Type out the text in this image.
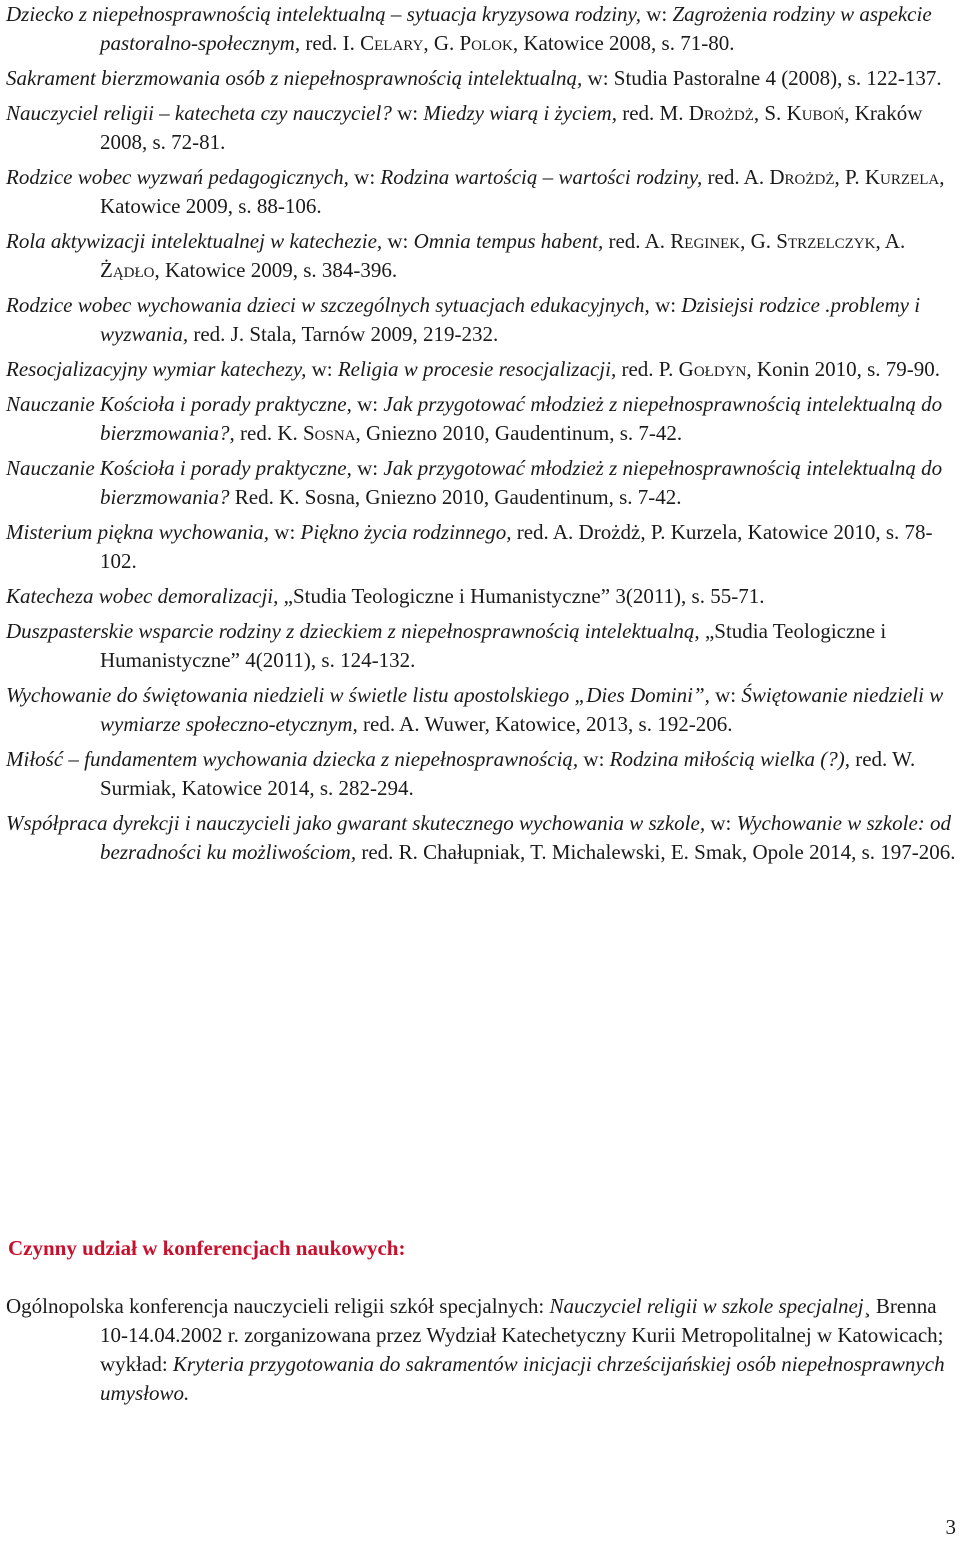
Dziecko z niepełnosprawnością intelektualną – sytuacja kryzysowa rodziny, w: Zagrożenia rodziny w aspekcie pastoralno-społecznym, red. I. Celary, G. Polok, Katowice 2008, s. 71-80.

Sakrament bierzmowania osób z niepełnosprawnością intelektualną, w: Studia Pastoralne 4 (2008), s. 122-137.

Nauczyciel religii – katecheta czy nauczyciel? w: Miedzy wiarą i życiem, red. M. Drożdż, S. Kuboń, Kraków 2008, s. 72-81.

Rodzice wobec wyzwań pedagogicznych, w: Rodzina wartością – wartości rodziny, red. A. Drożdż, P. Kurzela, Katowice 2009, s. 88-106.

Rola aktywizacji intelektualnej w katechezie, w: Omnia tempus habent, red. A. Reginek, G. Strzelczyk, A. Żądło, Katowice 2009, s. 384-396.

Rodzice wobec wychowania dzieci w szczególnych sytuacjach edukacyjnych, w: Dzisiejsi rodzice .problemy i wyzwania, red. J. Stala, Tarnów 2009, 219-232.

Resocjalizacyjny wymiar katechezy, w: Religia w procesie resocjalizacji, red. P. Gołdyn, Konin 2010, s. 79-90.

Nauczanie Kościoła i porady praktyczne, w: Jak przygotować młodzież z niepełnosprawnością intelektualną do bierzmowania?, red. K. Sosna, Gniezno 2010, Gaudentinum, s. 7-42.

Nauczanie Kościoła i porady praktyczne, w: Jak przygotować młodzież z niepełnosprawnością intelektualną do bierzmowania? Red. K. Sosna, Gniezno 2010, Gaudentinum, s. 7-42.

Misterium piękna wychowania, w: Piękno życia rodzinnego, red. A. Drożdż, P. Kurzela, Katowice 2010, s. 78-102.

Katecheza wobec demoralizacji, „Studia Teologiczne i Humanistyczne” 3(2011), s. 55-71.

Duszpasterskie wsparcie rodziny z dzieckiem z niepełnosprawnością intelektualną, „Studia Teologiczne i Humanistyczne” 4(2011), s. 124-132.

Wychowanie do świętowania niedzieli w świetle listu apostolskiego „Dies Domini”, w: Świętowanie niedzieli w wymiarze społeczno-etycznym, red. A. Wuwer, Katowice, 2013, s. 192-206.

Miłość – fundamentem wychowania dziecka z niepełnosprawnością, w: Rodzina miłością wielka (?), red. W. Surmiak, Katowice 2014, s. 282-294.

Współpraca dyrekcji i nauczycieli jako gwarant skutecznego wychowania w szkole, w: Wychowanie w szkole: od bezradności ku możliwościom, red. R. Chałupniak, T. Michalewski, E. Smak, Opole 2014, s. 197-206.

Czynny udział w konferencjach naukowych:

Ogólnopolska konferencja nauczycieli religii szkół specjalnych: Nauczyciel religii w szkole specjalnej¸ Brenna 10-14.04.2002 r. zorganizowana przez Wydział Katechetyczny Kurii Metropolitalnej w Katowicach; wykład: Kryteria przygotowania do sakramentów inicjacji chrześcijańskiej osób niepełnosprawnych umysłowo.

3
